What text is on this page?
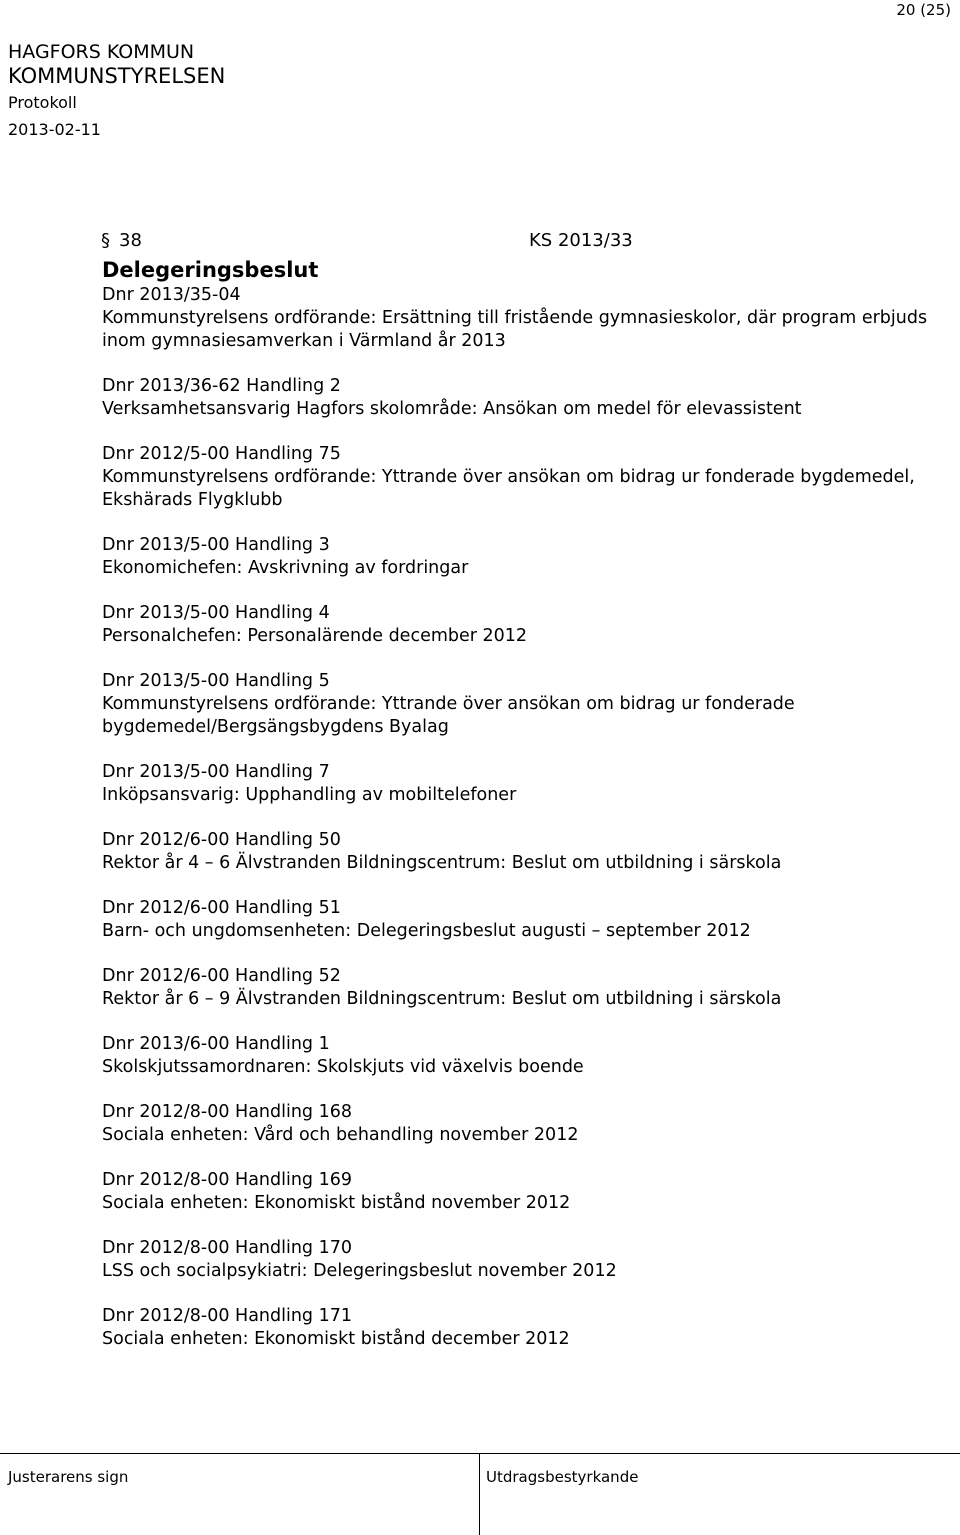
20 (25)
HAGFORS KOMMUN
KOMMUNSTYRELSEN
Protokoll
2013-02-11
§ 38	KS 2013/33
Delegeringsbeslut
Dnr 2013/35-04
Kommunstyrelsens ordförande: Ersättning till fristående gymnasieskolor, där program erbjuds
inom gymnasiesamverkan i Värmland år 2013
Dnr 2013/36-62 Handling 2
Verksamhetsansvarig Hagfors skolområde: Ansökan om medel för elevassistent
Dnr 2012/5-00 Handling 75
Kommunstyrelsens ordförande: Yttrande över ansökan om bidrag ur fonderade bygdemedel,
Ekshärads Flygklubb
Dnr 2013/5-00 Handling 3
Ekonomichefen: Avskrivning av fordringar
Dnr 2013/5-00 Handling 4
Personalchefen: Personalärende december 2012
Dnr 2013/5-00 Handling 5
Kommunstyrelsens ordförande: Yttrande över ansökan om bidrag ur fonderade
bygdemedel/Bergsängsbygdens Byalag
Dnr 2013/5-00 Handling 7
Inköpsansvarig: Upphandling av mobiltelefoner
Dnr 2012/6-00 Handling 50
Rektor år 4 – 6 Älvstranden Bildningscentrum: Beslut om utbildning i särskola
Dnr 2012/6-00 Handling 51
Barn- och ungdomsenheten: Delegeringsbeslut augusti – september 2012
Dnr 2012/6-00 Handling 52
Rektor år 6 – 9 Älvstranden Bildningscentrum: Beslut om utbildning i särskola
Dnr 2013/6-00 Handling 1
Skolskjutssamordnaren: Skolskjuts vid växelvis boende
Dnr 2012/8-00 Handling 168
Sociala enheten: Vård och behandling november 2012
Dnr 2012/8-00 Handling 169
Sociala enheten: Ekonomiskt bistånd november 2012
Dnr 2012/8-00 Handling 170
LSS och socialpsykiatri: Delegeringsbeslut november 2012
Dnr 2012/8-00 Handling 171
Sociala enheten: Ekonomiskt bistånd december 2012
Justerarens sign	Utdragsbestyrkande
